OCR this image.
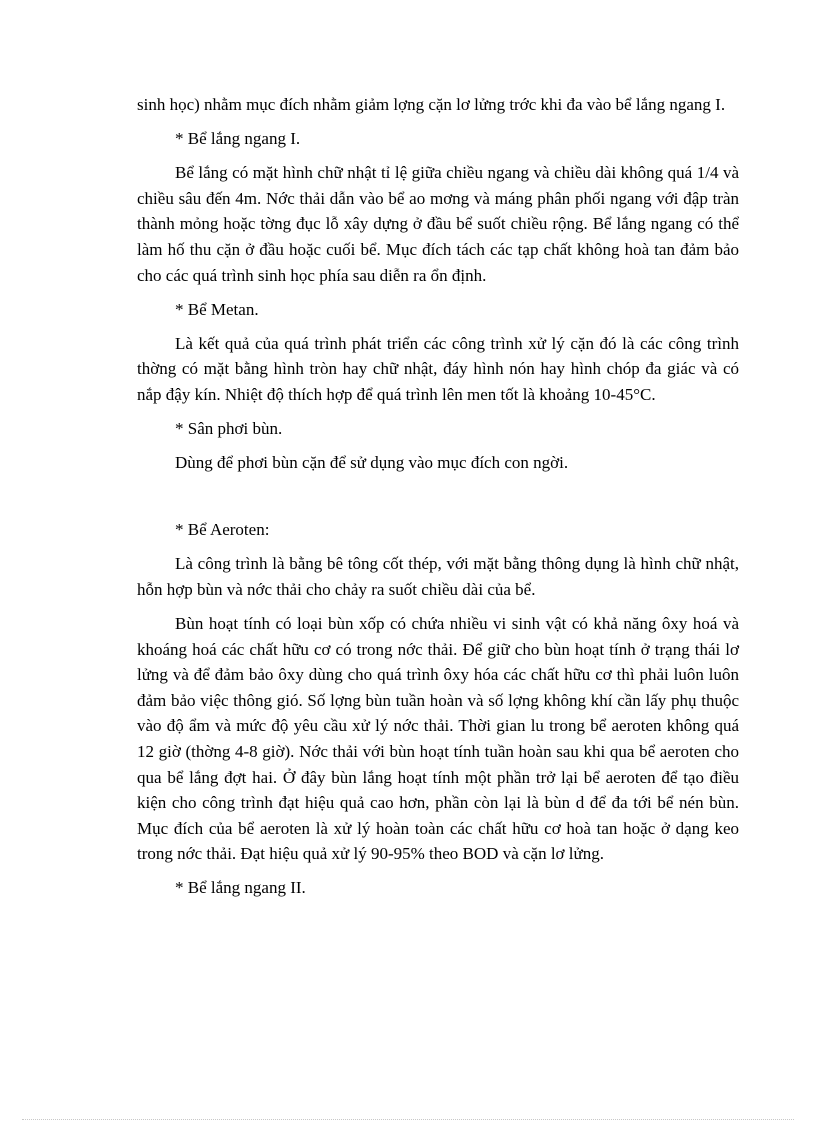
sinh học) nhằm mục đích nhằm giảm lợng cặn lơ lửng trớc khi đa vào bể lắng ngang I.

* Bể lắng ngang I.

Bể lắng có mặt hình chữ nhật tỉ lệ giữa chiều ngang và chiều dài không quá 1/4 và chiều sâu đến 4m. Nớc thải dẫn vào bể ao mơng và máng phân phối ngang với đập tràn thành mỏng hoặc tờng đục lỗ xây dựng ở đầu bể suốt chiều rộng. Bể lắng ngang có thể làm hố thu cặn ở đầu hoặc cuối bể. Mục đích tách các tạp chất không hoà tan đảm bảo cho các quá trình sinh học phía sau diễn ra ổn định.

* Bể Metan.

Là kết quả của quá trình phát triển các công trình xử lý cặn đó là các công trình thờng có mặt bằng hình tròn hay chữ nhật, đáy hình nón hay hình chóp đa giác và có nắp đậy kín. Nhiệt độ thích hợp để quá trình lên men tốt là khoảng 10-45°C.

* Sân phơi bùn.

Dùng để phơi bùn cặn để sử dụng vào mục đích con ngời.

* Bể Aeroten:

Là công trình là bằng bê tông cốt thép, với mặt bằng thông dụng là hình chữ nhật, hỗn hợp bùn và nớc thải cho chảy ra suốt chiều dài của bể.

Bùn hoạt tính có loại bùn xốp có chứa nhiều vi sinh vật có khả năng ôxy hoá và khoáng hoá các chất hữu cơ có trong nớc thải. Để giữ cho bùn hoạt tính ở trạng thái lơ lửng và để đảm bảo ôxy dùng cho quá trình ôxy hóa các chất hữu cơ thì phải luôn luôn đảm bảo việc thông gió. Số lợng bùn tuần hoàn và số lợng không khí cần lấy phụ thuộc vào độ ẩm và mức độ yêu cầu xử lý nớc thải. Thời gian lu trong bể aeroten không quá 12 giờ (thờng 4-8 giờ). Nớc thải với bùn hoạt tính tuần hoàn sau khi qua bể aeroten cho qua bể lắng đợt hai. Ở đây bùn lắng hoạt tính một phần trở lại bể aeroten để tạo điều kiện cho công trình đạt hiệu quả cao hơn, phần còn lại là bùn d để đa tới bể nén bùn. Mục đích của bể aeroten là xử lý hoàn toàn các chất hữu cơ hoà tan hoặc ở dạng keo trong nớc thải. Đạt hiệu quả xử lý 90-95% theo BOD và cặn lơ lửng.

* Bể lắng ngang II.
